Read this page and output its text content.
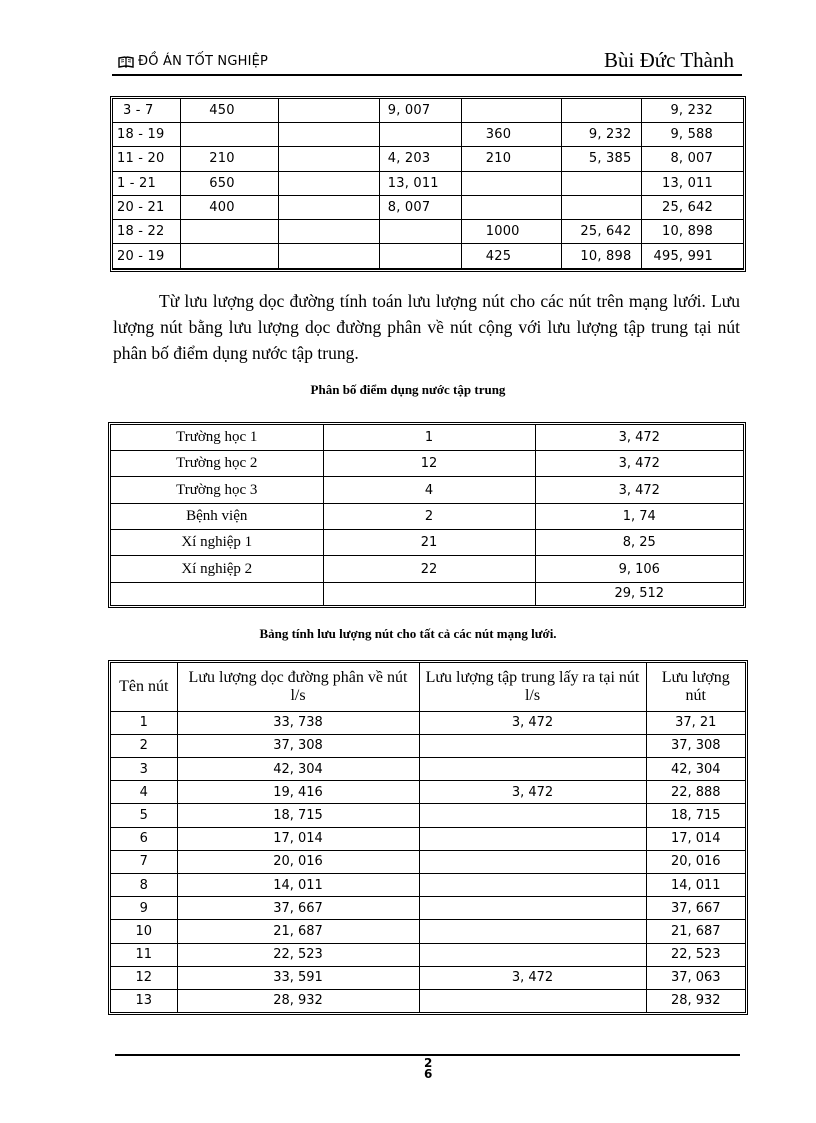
ĐỒ ÁN TỐT NGHIỆP	Bùi Đức Thành
3 - 7	450		9, 007			9, 232
18 - 19				360	9, 232	9, 588
11 - 20	210		4, 203	210	5, 385	8, 007
1 - 21	650		13, 011			13, 011
20 - 21	400		8, 007			25, 642
18 - 22				1000	25, 642	10, 898
20 - 19				425	10, 898	495, 991

Từ lưu lượng dọc đường tính toán lưu lượng nút cho các nút trên mạng lưới. Lưu lượng nút bằng lưu lượng dọc đường phân về nút cộng với lưu lượng tập trung tại nút phân bố điểm dụng nước tập trung.

Phân bố điểm dụng nước tập trung
Trường học 1	1	3, 472
Trường học 2	12	3, 472
Trường học 3	4	3, 472
Bệnh viện	2	1, 74
Xí nghiệp 1	21	8, 25
Xí nghiệp 2	22	9, 106
		29, 512
Bảng tính lưu lượng nút cho tất cả các nút mạng lưới.
Tên nút	Lưu lượng dọc đường phân về nút l/s	Lưu lượng tập trung lấy ra tại nút l/s	Lưu lượng nút
1	33, 738	3, 472	37, 21
2	37, 308		37, 308
3	42, 304		42, 304
4	19, 416	3, 472	22, 888
5	18, 715		18, 715
6	17, 014		17, 014
7	20, 016		20, 016
8	14, 011		14, 011
9	37, 667		37, 667
10	21, 687		21, 687
11	22, 523		22, 523
12	33, 591	3, 472	37, 063
13	28, 932		28, 932
26
